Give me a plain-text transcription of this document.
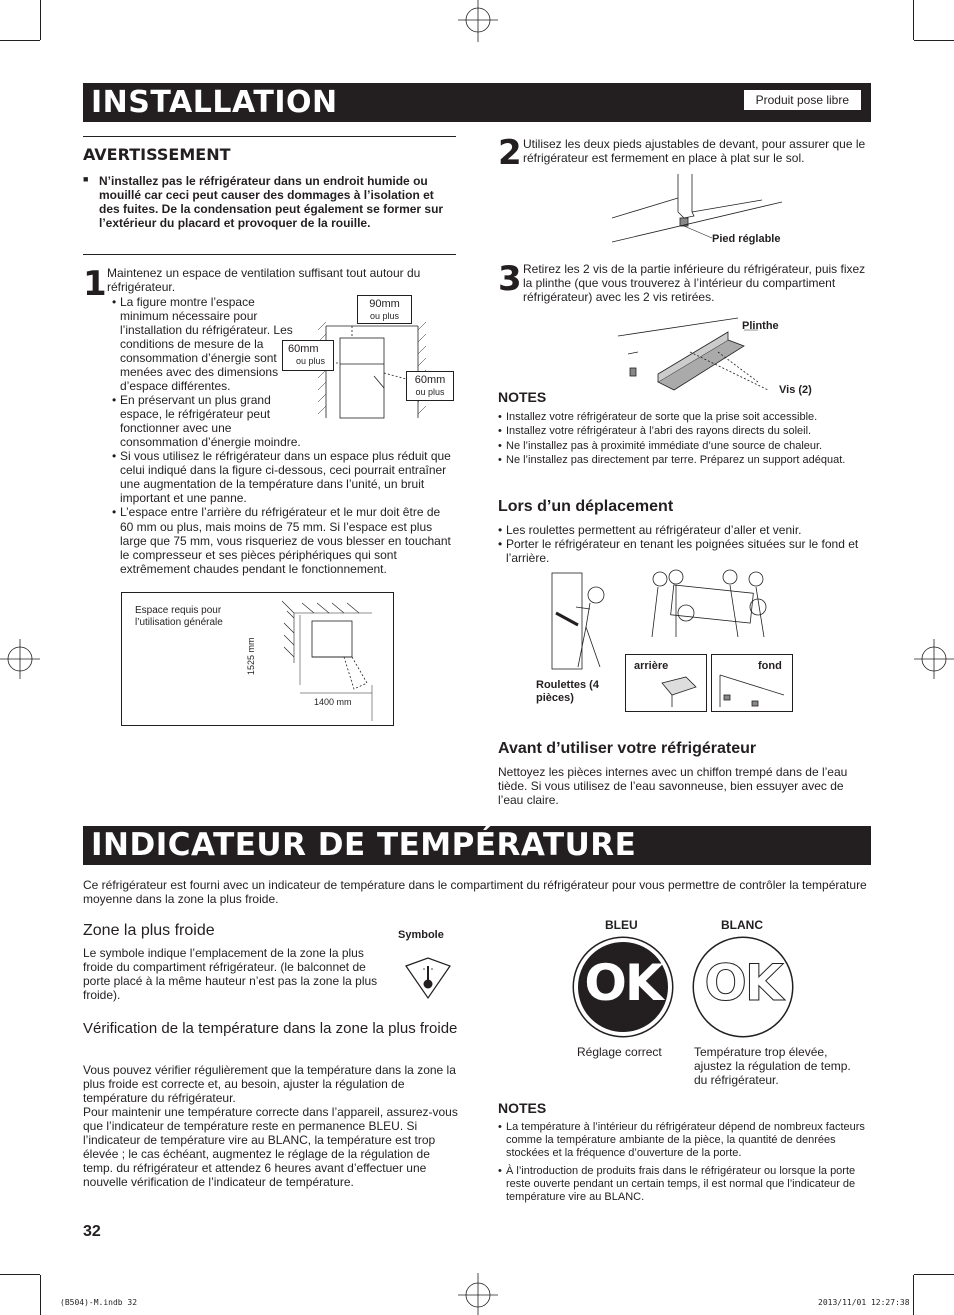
INSTALLATION	Produit pose libre
AVERTISSEMENT
■ N’installez pas le réfrigérateur dans un endroit humide ou mouillé car ceci peut causer des dommages à l’isolation et des fuites. De la condensation peut également se former sur l’extérieur du placard et provoquer de la rouille.
1 Maintenez un espace de ventilation suffisant tout autour du réfrigérateur.
• La figure montre l’espace minimum nécessaire pour l’installation du réfrigérateur. Les conditions de mesure de la consommation d’énergie sont menées avec des dimensions d’espace différentes.
• En préservant un plus grand espace, le réfrigérateur peut fonctionner avec une consommation d’énergie moindre.
• Si vous utilisez le réfrigérateur dans un espace plus réduit que celui indiqué dans la figure ci-dessous, ceci pourrait entraîner une augmentation de la température dans l’unité, un bruit important et une panne.
• L’espace entre l’arrière du réfrigérateur et le mur doit être de 60 mm ou plus, mais moins de 75 mm. Si l’espace est plus large que 75 mm, vous risqueriez de vous blesser en touchant le compresseur et ses pièces périphériques qui sont extrêmement chaudes pendant le fonctionnement.
90mm
ou plus
60mm
ou plus
60mm
ou plus
Espace requis pour l’utilisation générale
1525 mm
1400 mm
2 Utilisez les deux pieds ajustables de devant, pour assurer que le réfrigérateur est fermement en place à plat sur le sol.
Pied réglable
3 Retirez les 2 vis de la partie inférieure du réfrigérateur, puis fixez la plinthe (que vous trouverez à l’intérieur du compartiment réfrigérateur) avec les 2 vis retirées.
Plinthe
Vis (2)
NOTES
• Installez votre réfrigérateur de sorte que la prise soit accessible.
• Installez votre réfrigérateur à l’abri des rayons directs du soleil.
• Ne l’installez pas à proximité immédiate d’une source de chaleur.
• Ne l’installez pas directement par terre. Préparez un support adéquat.
Lors d’un déplacement
• Les roulettes permettent au réfrigérateur d’aller et venir.
• Porter le réfrigérateur en tenant les poignées situées sur le fond et l’arrière.
arrière	fond
Roulettes (4 pièces)
Avant d’utiliser votre réfrigérateur
Nettoyez les pièces internes avec un chiffon trempé dans de l’eau tiède. Si vous utilisez de l’eau savonneuse, bien essuyer avec de l’eau claire.
INDICATEUR DE TEMPÉRATURE
Ce réfrigérateur est fourni avec un indicateur de température dans le compartiment du réfrigérateur pour vous permettre de contrôler la température moyenne dans la zone la plus froide.
Zone la plus froide
Le symbole indique l’emplacement de la zone la plus froide du compartiment réfrigérateur. (le balconnet de porte placé à la même hauteur n’est pas la zone la plus froide).
Symbole
Vérification de la température dans la zone la plus froide
Vous pouvez vérifier régulièrement que la température dans la zone la plus froide est correcte et, au besoin, ajuster la régulation de température du réfrigérateur.
Pour maintenir une température correcte dans l’appareil, assurez-vous que l’indicateur de température reste en permanence BLEU. Si l’indicateur de température vire au BLANC, la température est trop élevée ; le cas échéant, augmentez le réglage de la régulation de temp. du réfrigérateur et attendez 6 heures avant d’effectuer une nouvelle vérification de l’indicateur de température.
BLEU	BLANC
OK OK
Réglage correct	Température trop élevée, ajustez la régulation de temp. du réfrigérateur.
NOTES
• La température à l’intérieur du réfrigérateur dépend de nombreux facteurs comme la température ambiante de la pièce, la quantité de denrées stockées et la fréquence d’ouverture de la porte.
• À l’introduction de produits frais dans le réfrigérateur ou lorsque la porte reste ouverte pendant un certain temps, il est normal que l’indicateur de température vire au BLANC.
32
(B504)-M.indb 32	2013/11/01 12:27:38
